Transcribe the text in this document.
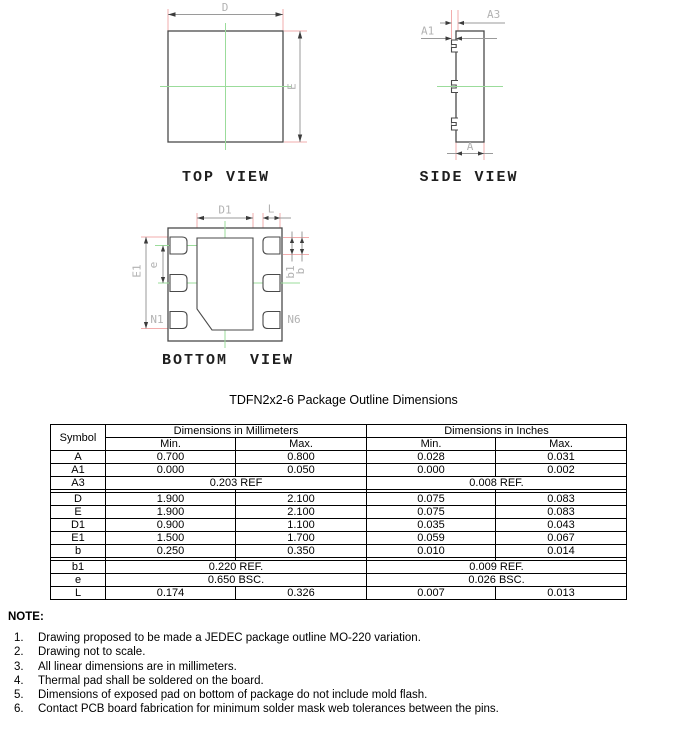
D
E
TOP VIEW
A3
A1
A
SIDE VIEW
D1	L
E1 e
b1
b
N1	N6
BOTTOM  VIEW
TDFN2x2-6 Package Outline Dimensions
Symbol	Dimensions in Millimeters		Dimensions in Inches	
	Min.	Max.	Min.	Max.
A	0.700	0.800	0.028	0.031
A1	0.000	0.050	0.000	0.002
A3	0.203 REF		0.008 REF.	

D	1.900	2.100	0.075	0.083
E	1.900	2.100	0.075	0.083
D1	0.900	1.100	0.035	0.043
E1	1.500	1.700	0.059	0.067
b	0.250	0.350	0.010	0.014

b1	0.220 REF.		0.009 REF.	
e	0.650 BSC.		0.026 BSC.	
L	0.174	0.326	0.007	0.013
NOTE:
1.	Drawing proposed to be made a JEDEC package outline MO-220 variation.
2.	Drawing not to scale.
3.	All linear dimensions are in millimeters.
4.	Thermal pad shall be soldered on the board.
5.	Dimensions of exposed pad on bottom of package do not include mold flash.
6.	Contact PCB board fabrication for minimum solder mask web tolerances between the pins.
